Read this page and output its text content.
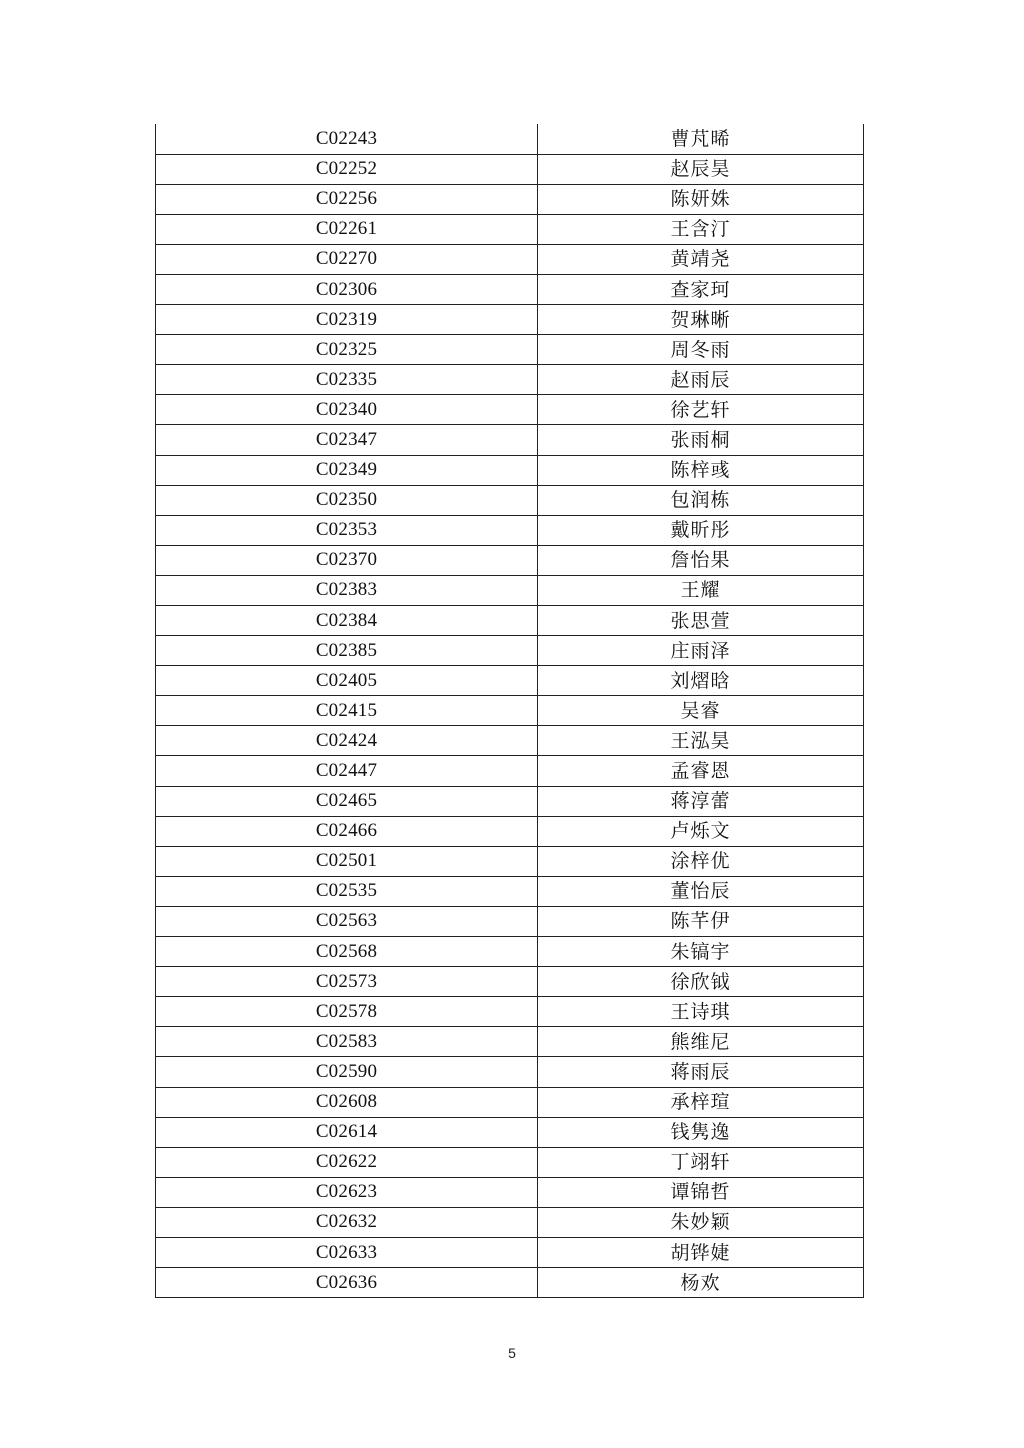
C02243	曹芃晞
C02252	赵辰昊
C02256	陈妍姝
C02261	王含汀
C02270	黄靖尧
C02306	查家珂
C02319	贺琳晰
C02325	周冬雨
C02335	赵雨辰
C02340	徐艺轩
C02347	张雨桐
C02349	陈梓彧
C02350	包润栋
C02353	戴昕彤
C02370	詹怡果
C02383	王耀
C02384	张思萱
C02385	庄雨泽
C02405	刘熠晗
C02415	吴睿
C02424	王泓昊
C02447	孟睿恩
C02465	蒋淳蕾
C02466	卢烁文
C02501	涂梓优
C02535	董怡辰
C02563	陈芊伊
C02568	朱镐宇
C02573	徐欣钺
C02578	王诗琪
C02583	熊维尼
C02590	蒋雨辰
C02608	承梓瑄
C02614	钱隽逸
C02622	丁翊轩
C02623	谭锦哲
C02632	朱妙颖
C02633	胡铧婕
C02636	杨欢
5
